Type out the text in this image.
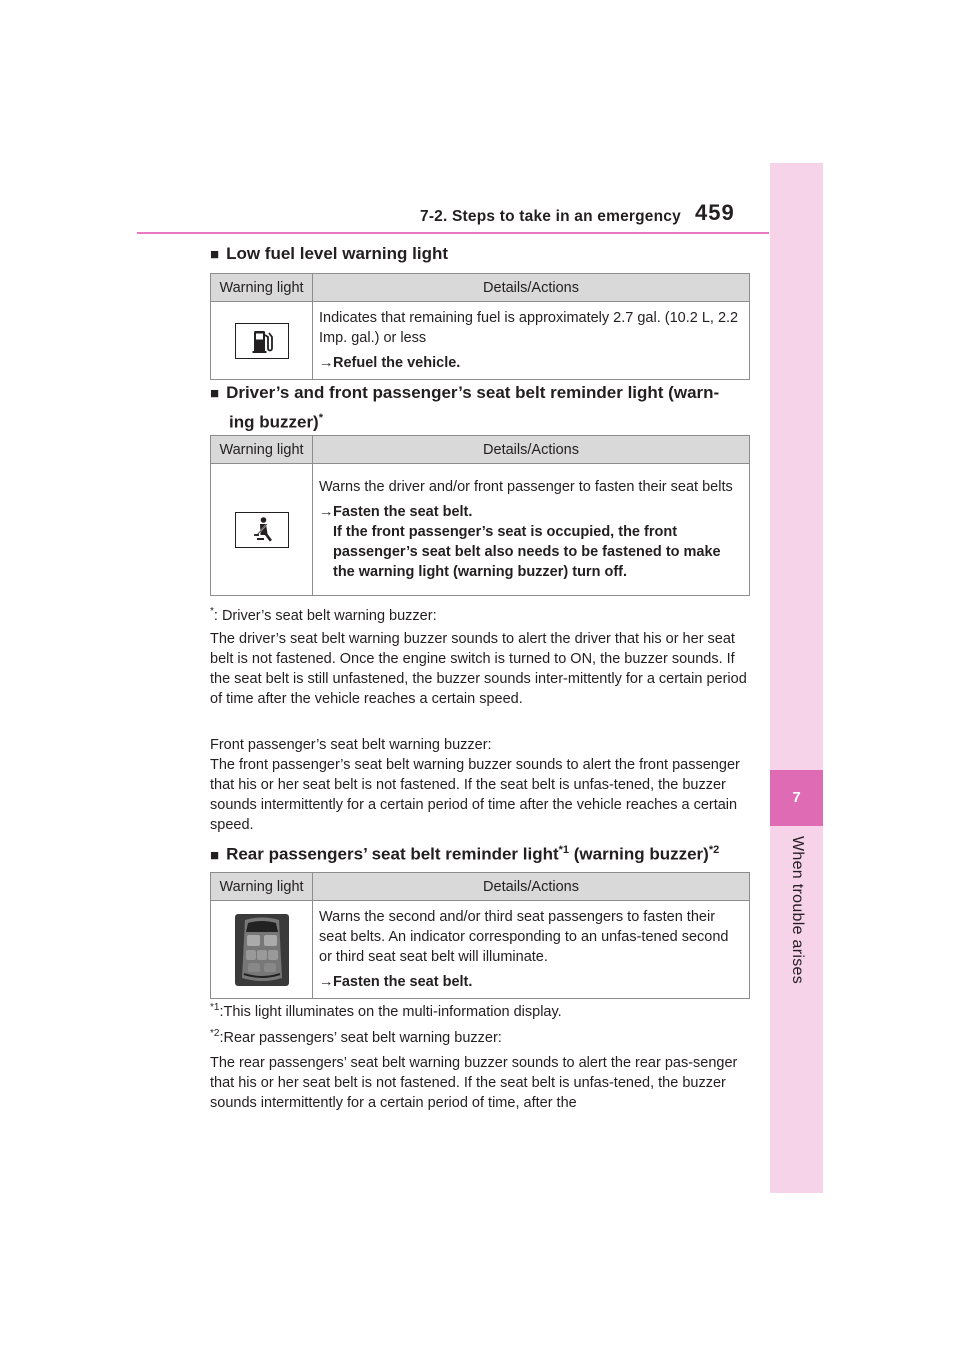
7-2. Steps to take in an emergency 459
7
When trouble arises
■ Low fuel level warning light
Warning light	Details/Actions

	Indicates that remaining fuel is approximately 2.7 gal. (10.2 L, 2.2 Imp. gal.) or less
→Refuel the vehicle.
■ Driver’s and front passenger’s seat belt reminder light (warn-
ing buzzer)*
Warning light	Details/Actions

	Warns the driver and/or front passenger to fasten their seat belts
→Fasten the seat belt.
If the front passenger’s seat is occupied, the front passenger’s seat belt also needs to be fastened to make the warning light (warning buzzer) turn off.
*: Driver’s seat belt warning buzzer:

The driver’s seat belt warning buzzer sounds to alert the driver that his or her seat belt is not fastened. Once the engine switch is turned to ON, the buzzer sounds. If the seat belt is still unfastened, the buzzer sounds inter-mittently for a certain period of time after the vehicle reaches a certain speed.

Front passenger’s seat belt warning buzzer:

The front passenger’s seat belt warning buzzer sounds to alert the front passenger that his or her seat belt is not fastened. If the seat belt is unfas-tened, the buzzer sounds intermittently for a certain period of time after the vehicle reaches a certain speed.

■ Rear passengers’ seat belt reminder light$^{*1}$ (warning buzzer)$^{*2}$
Warning light	Details/Actions
	Warns the second and/or third seat passengers to fasten their seat belts. An indicator corresponding to an unfas-tened second or third seat seat belt will illuminate.
→Fasten the seat belt.
$^{*1}$:This light illuminates on the multi-information display.
$^{*2}$:Rear passengers’ seat belt warning buzzer:

The rear passengers’ seat belt warning buzzer sounds to alert the rear pas-senger that his or her seat belt is not fastened. If the seat belt is unfas-tened, the buzzer sounds intermittently for a certain period of time, after the
